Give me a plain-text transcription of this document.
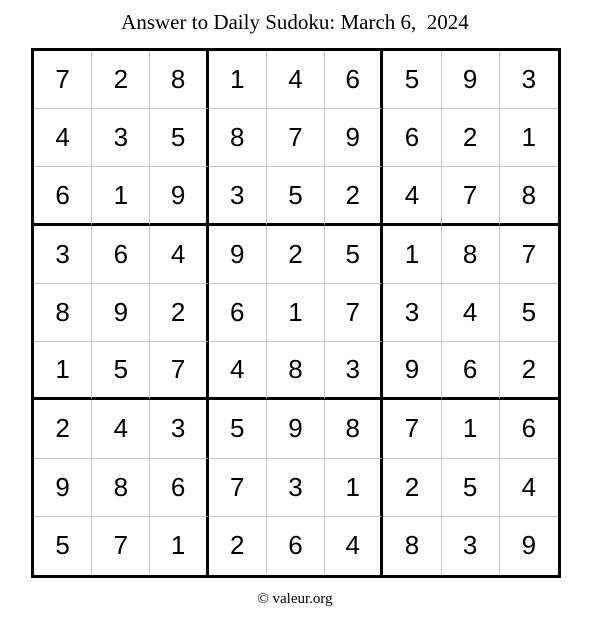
Answer to Daily Sudoku: March 6,  2024
7	2	8	1	4	6	5	9	3
4	3	5	8	7	9	6	2	1
6	1	9	3	5	2	4	7	8
3	6	4	9	2	5	1	8	7
8	9	2	6	1	7	3	4	5
1	5	7	4	8	3	9	6	2
2	4	3	5	9	8	7	1	6
9	8	6	7	3	1	2	5	4
5	7	1	2	6	4	8	3	9
© valeur.org
